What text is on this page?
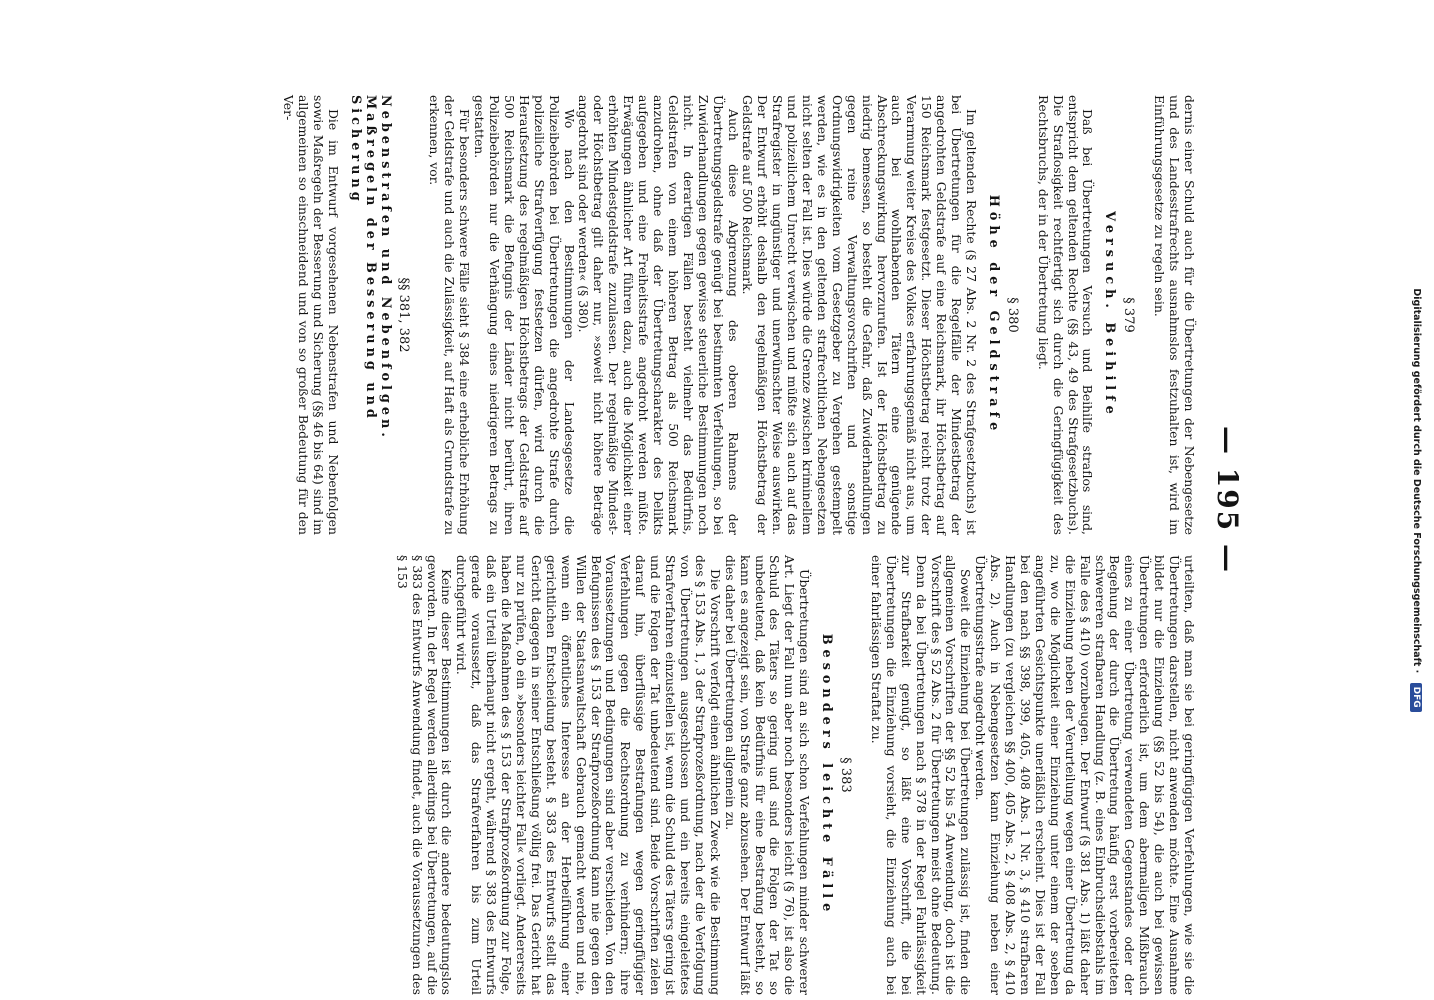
Digitalisierung gefördert durch die Deutsche Forschungsgemeinschaft · DFG
— 195 —

dernis einer Schuld auch für die Übertretungen der Nebengesetze und des Landesstrafrechts ausnahmslos festzuhalten ist, wird im Einführungsgesetze zu regeln sein.

§ 379
Versuch. Beihilfe

Daß bei Übertretungen Versuch und Beihilfe straflos sind, entspricht dem geltenden Rechte (§§ 43, 49 des Strafgesetzbuchs). Die Straflosigkeit rechtfertigt sich durch die Geringfügigkeit des Rechtsbruchs, der in der Übertretung liegt.

§ 380
Höhe der Geldstrafe

Im geltenden Rechte (§ 27 Abs. 2 Nr. 2 des Strafgesetzbuchs) ist bei Übertretungen für die Regelfälle der Mindestbetrag der angedrohten Geldstrafe auf eine Reichsmark, ihr Höchstbetrag auf 150 Reichsmark festgesetzt. Dieser Höchstbetrag reicht trotz der Verarmung weiter Kreise des Volkes erfahrungsgemäß nicht aus, um auch bei wohlhabenden Tätern eine genügende Abschreckungswirkung hervorzurufen. Ist der Höchstbetrag zu niedrig bemessen, so besteht die Gefahr, daß Zuwiderhandlungen gegen reine Verwaltungsvorschriften und sonstige Ordnungswidrigkeiten vom Gesetzgeber zu Vergehen gestempelt werden, wie es in den geltenden strafrechtlichen Nebengesetzen nicht selten der Fall ist. Dies würde die Grenze zwischen kriminellem und polizeilichem Unrecht verwischen und müßte sich auch auf das Strafregister in ungünstiger und unerwünschter Weise auswirken. Der Entwurf erhöht deshalb den regelmäßigen Höchstbetrag der Geldstrafe auf 500 Reichsmark.

Auch diese Abgrenzung des oberen Rahmens der Übertretungsgeldstrafe genügt bei bestimmten Verfehlungen, so bei Zuwiderhandlungen gegen gewisse steuerliche Bestimmungen noch nicht. In derartigen Fällen besteht vielmehr das Bedürfnis, Geldstrafen von einem höheren Betrag als 500 Reichsmark anzudrohen, ohne daß der Übertretungscharakter des Delikts aufgegeben und eine Freiheitsstrafe angedroht werden müßte. Erwägungen ähnlicher Art führen dazu, auch die Möglichkeit einer erhöhten Mindestgeldstrafe zuzulassen. Der regelmäßige Mindest- oder Höchstbetrag gilt daher nur, »soweit nicht höhere Beträge angedroht sind oder werden« (§ 380).

Wo nach den Bestimmungen der Landesgesetze die Polizeibehörden bei Übertretungen die angedrohte Strafe durch polizeiliche Strafverfügung festsetzen dürfen, wird durch die Heraufsetzung des regelmäßigen Höchstbetrags der Geldstrafe auf 500 Reichsmark die Befugnis der Länder nicht berührt, ihren Polizeibehörden nur die Verhängung eines niedrigeren Betrags zu gestatten.

Für besonders schwere Fälle sieht § 384 eine erhebliche Erhöhung der Geldstrafe und auch die Zulässigkeit, auf Haft als Grundstrafe zu erkennen, vor.

§§ 381, 382
Nebenstrafen und Nebenfolgen. Maßregeln der Besserung und Sicherung

Die im Entwurf vorgesehenen Nebenstrafen und Nebenfolgen sowie Maßregeln der Besserung und Sicherung (§§ 46 bis 64) sind im allgemeinen so einschneidend und von so großer Bedeutung für den Ver-

urteilten, daß man sie bei geringfügigen Verfehlungen, wie sie die Übertretungen darstellen, nicht anwenden möchte. Eine Ausnahme bildet nur die Einziehung (§§ 52 bis 54), die auch bei gewissen Übertretungen erforderlich ist, um dem abermaligen Mißbrauch eines zu einer Übertretung verwendeten Gegenstandes oder der Begehung der durch die Übertretung häufig erst vorbereiteten schwereren strafbaren Handlung (z. B. eines Einbruchsdiebstahls im Falle des § 410) vorzubeugen. Der Entwurf (§ 381 Abs. 1) läßt daher die Einziehung neben der Verurteilung wegen einer Übertretung da zu, wo die Möglichkeit einer Einziehung unter einem der soeben angeführten Gesichtspunkte unerläßlich erscheint. Dies ist der Fall bei den nach §§ 398, 399, 405, 408 Abs. 1 Nr. 3, § 410 strafbaren Handlungen (zu vergleichen §§ 400, 405 Abs. 2, § 408 Abs. 2, § 410 Abs. 2). Auch in Nebengesetzen kann Einziehung neben einer Übertretungsstrafe angedroht werden.

Soweit die Einziehung bei Übertretungen zulässig ist, finden die allgemeinen Vorschriften der §§ 52 bis 54 Anwendung, doch ist die Vorschrift des § 52 Abs. 2 für Übertretungen meist ohne Bedeutung. Denn da bei Übertretungen nach § 378 in der Regel Fahrlässigkeit zur Strafbarkeit genügt, so läßt eine Vorschrift, die bei Übertretungen die Einziehung vorsieht, die Einziehung auch bei einer fahrlässigen Straftat zu.

§ 383
Besonders leichte Fälle

Übertretungen sind an sich schon Verfehlungen minder schwerer Art. Liegt der Fall nun aber noch besonders leicht (§ 76), ist also die Schuld des Täters so gering und sind die Folgen der Tat so unbedeutend, daß kein Bedürfnis für eine Bestrafung besteht, so kann es angezeigt sein, von Strafe ganz abzusehen. Der Entwurf läßt dies daher bei Übertretungen allgemein zu.

Die Vorschrift verfolgt einen ähnlichen Zweck wie die Bestimmung des § 153 Abs. 1, 3 der Strafprozeßordnung, nach der die Verfolgung von Übertretungen ausgeschlossen und ein bereits eingeleitetes Strafverfahren einzustellen ist, wenn die Schuld des Täters gering ist und die Folgen der Tat unbedeutend sind. Beide Vorschriften zielen darauf hin, überflüssige Bestrafungen wegen geringfügiger Verfehlungen gegen die Rechtsordnung zu verhindern; ihre Voraussetzungen und Bedingungen sind aber verschieden. Von den Befugnissen des § 153 der Strafprozeßordnung kann nie gegen den Willen der Staatsanwaltschaft Gebrauch gemacht werden und nie, wenn ein öffentliches Interesse an der Herbeiführung einer gerichtlichen Entscheidung besteht. § 383 des Entwurfs stellt das Gericht dagegen in seiner Entschließung völlig frei. Das Gericht hat nur zu prüfen, ob ein »besonders leichter Fall« vorliegt. Andererseits haben die Maßnahmen des § 153 der Strafprozeßordnung zur Folge, daß ein Urteil überhaupt nicht ergeht, während § 383 des Entwurfs gerade voraussetzt, daß das Strafverfahren bis zum Urteil durchgeführt wird.

Keine dieser Bestimmungen ist durch die andere bedeutungslos geworden. In der Regel werden allerdings bei Übertretungen, auf die § 383 des Entwurfs Anwendung findet, auch die Voraussetzungen des § 153
